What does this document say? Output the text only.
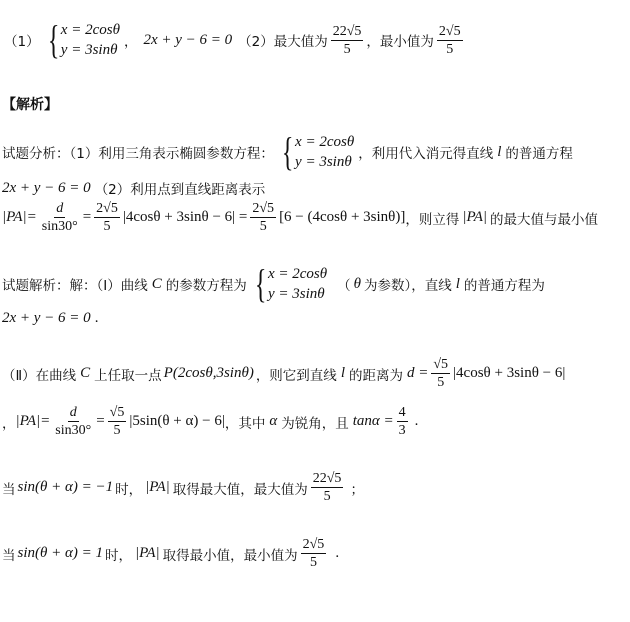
（1） { x = 2cosθ
y = 3sinθ ， 2x + y − 6 = 0 （2）最大值为 $\frac{22√5}{5}$ ，最小值为 $\frac{2√5}{5}$
【解析】
试题分析：（1）利用三角表示椭圆参数方程： { x = 2cosθ
y = 3sinθ ，利用代入消元得直线 l 的普通方程
2x + y − 6 = 0 （2）利用点到直线距离表示
$|PA|= \frac{d}{\sin 30^\circ} = \frac{2√5}{5} |4\cos\theta + 3\sin\theta - 6| = \frac{2√5}{5} [6 - (4\cos\theta + 3\sin\theta)]$ ，则立得 |PA| 的最大值与最小值
试题解析：解：（Ⅰ）曲线 C 的参数方程为 { x = 2cosθ
y = 3sinθ （ θ 为参数），直线 l 的普通方程为
2x + y − 6 = 0 .
（Ⅱ）在曲线 C 上任取一点 P(2cosθ,3sinθ) ，则它到直线 l 的距离为 $d = \frac{√5}{5} |4\cos\theta + 3\sin\theta - 6|$
， $|PA|= \frac{d}{\sin 30^\circ} = \frac{√5}{5} |5\sin(\theta + \alpha) - 6|$ ，其中 α 为锐角，且 $\tan\alpha = \frac{4}{3}$ .
当 sin(θ + α) = −1 时， |PA| 取得最大值，最大值为 $\frac{22√5}{5}$ ；
当 sin(θ + α) = 1 时， |PA| 取得最小值，最小值为 $\frac{2√5}{5}$ .
